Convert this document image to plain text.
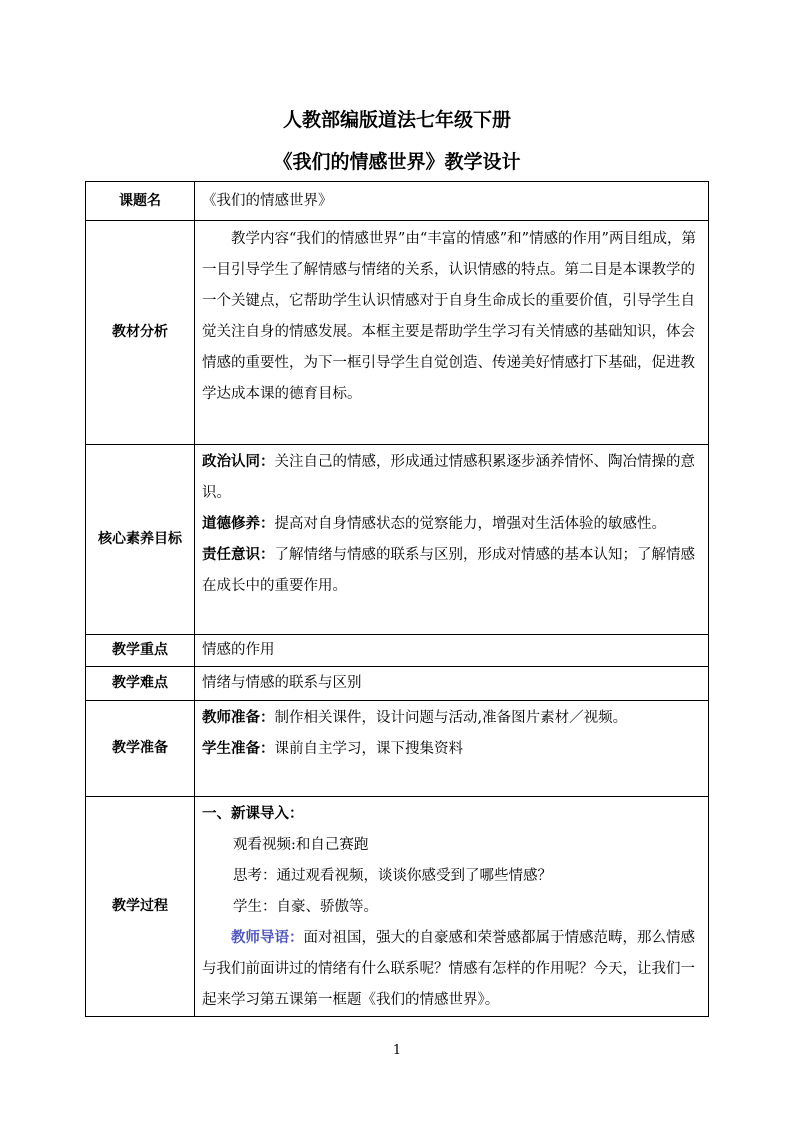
人教部编版道法七年级下册
《我们的情感世界》教学设计
课题名	《我们的情感世界》
教材分析	教学内容“我们的情感世界”由“丰富的情感”和”情感的作用”两目组成，第一目引导学生了解情感与情绪的关系，认识情感的特点。第二目是本课教学的一个关键点，它帮助学生认识情感对于自身生命成长的重要价值，引导学生自觉关注自身的情感发展。本框主要是帮助学生学习有关情感的基础知识，体会情感的重要性，为下一框引导学生自觉创造、传递美好情感打下基础，促进教学达成本课的德育目标。

核心素养目标	政治认同：关注自己的情感，形成通过情感积累逐步涵养情怀、陶冶情操的意识。

道德修养：提高对自身情感状态的觉察能力，增强对生活体验的敏感性。

责任意识：了解情绪与情感的联系与区别，形成对情感的基本认知；了解情感在成长中的重要作用。

教学重点	情感的作用
教学难点	情绪与情感的联系与区别
教学准备	教师准备：制作相关课件，设计问题与活动,准备图片素材／视频。

学生准备：课前自主学习，课下搜集资料

教学过程	一、新课导入：

观看视频:和自己赛跑

思考：通过观看视频，谈谈你感受到了哪些情感？

学生：自豪、骄傲等。

教师导语：面对祖国，强大的自豪感和荣誉感都属于情感范畴，那么情感与我们前面讲过的情绪有什么联系呢？情感有怎样的作用呢？今天，让我们一起来学习第五课第一框题《我们的情感世界》。

1
